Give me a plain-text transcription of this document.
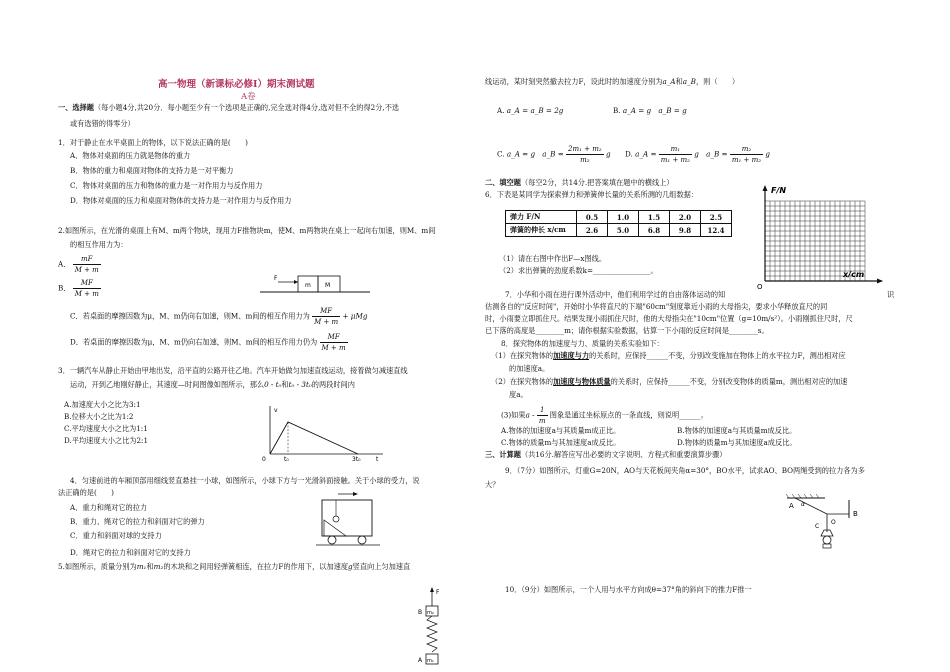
高一物理（新课标必修Ⅰ）期末测试题
A卷
一、选择题（每小题4分,共20分．每小题至少有一个选项是正确的,完全选对得4分,选对但不全的得2分,不选
或有选错的得零分）
1．对于静止在水平桌面上的物体，以下说法正确的是(　　)
A．物体对桌面的压力就是物体的重力
B．物体的重力和桌面对物体的支持力是一对平衡力
C．物体对桌面的压力和物体的重力是一对作用力与反作用力
D．物体对桌面的压力和桌面对物体的支持力是一对作用力与反作用力
2.如图所示，在光滑的桌面上有M、m两个物块，现用力F推物块m，使M、m两物块在桌上一起向右加速，则M、m间
的相互作用力为：
A． $\frac{mF}{M + m}$
B． $\frac{MF}{M + m}$	F
m M
C．若桌面的摩擦因数为μ，M、m仍向右加速，则M、m间的相互作用力为 $\frac{MF}{M + m} + \mu Mg$
D．若桌面的摩擦因数为μ，M、m仍向右加速，则M、m间的相互作用力仍为 $\frac{MF}{M + m}$
3．一辆汽车从静止开始由甲地出发，沿平直的公路开往乙地。汽车开始做匀加速直线运动，接着做匀减速直线
运动，开到乙地刚好静止，其速度—时间图像如图所示，那么0 - t₀和t₀ - 3t₀的两段时间内
A.加速度大小之比为3:1
B.位移大小之比为1:2
C.平均速度大小之比为1:1
D.平均速度大小之比为2:1
v
0	t₀	3t₀	t
4．匀速前进的车厢顶部用细线竖直悬挂一小球，如图所示，小球下方与一光滑斜面接触。关于小球的受力，说
法正确的是(　　)
A．重力和绳对它的拉力
B．重力、绳对它的拉力和斜面对它的弹力
C．重力和斜面对球的支持力
D．绳对它的拉力和斜面对它的支持力
5.如图所示，质量分别为m₁和m₂的木块和之间用轻弹簧相连，在拉力F的作用下，以加速度g竖直向上匀加速直
F
B m₂
A m₁
线运动，某时刻突然撤去拉力F，设此时的加速度分别为a_A和a_B，则（　　）
A. a_A = a_B = 2g	B. a_A = g　a_B = g
C. a_A = g　a_B = $\frac{\text{2m₁ + m₂}}{\text{m₂}}$ g D. a_A = $\frac{\text{m₁}}{\text{m₁ + m₂}}$ g　a_B = $\frac{\text{m₂}}{\text{m₁ + m₂}}$ g
二、填空题（每空2分，共14分.把答案填在题中的横线上）
6．下表是某同学为探索弹力和弹簧伸长量的关系所测的几组数据：
弹力 F/N	0.5	1.0	1.5	2.0	2.5
弹簧的伸长 x/cm	2.6	5.0	6.8	9.8	12.4
F/N
x/cm
O
（1）请在右图中作出F—x图线。
（2）求出弹簧的劲度系数k=________________。
7．小华和小雨在进行课外活动中，他们利用学过的自由落体运动的知	识
估测各自的"反应时间"，开始时小华将直尺的下端"60cm"刻度靠近小雨的大母指尖，要求小华释放直尺的同
时，小雨要立即抓住尺。结果发现小雨抓住尺时，他的大母指尖在"10cm"位置（g=10m/s²）。小雨刚抓住尺时，尺
已下落的高度是________m；请你根据实验数据，估算一下小雨的反应时间是________s。
8．探究物体的加速度与力、质量的关系实验如下：
（1）在探究物体的加速度与力的关系时，应保持______不变，分别改变施加在物体上的水平拉力F，测出相对应
的加速度a。
（2）在探究物体的加速度与物体质量的关系时，应保持______不变，分别改变物体的质量m，测出相对应的加速
度a。
(3)如果a - $\frac{1}{m}$ 图象是通过坐标原点的一条直线，则说明______。
A.物体的加速度a与其质量m成正比。	B.物体的加速度a与其质量m成反比。
C.物体的质量m与其加速度a成反比。	D.物体的质量m与其加速度a成反比。
三、计算题（共16分.解答应写出必要的文字说明、方程式和重要演算步骤）
9．（7分）如图所示，灯重G=20N，AO与天花板间夹角α=30°，BO水平，试求AO、BO两绳受到的拉力各为多
大？
A α
O
B
C
10．（9分）如图所示，一个人用与水平方向成θ=37°角的斜向下的推力F推一
